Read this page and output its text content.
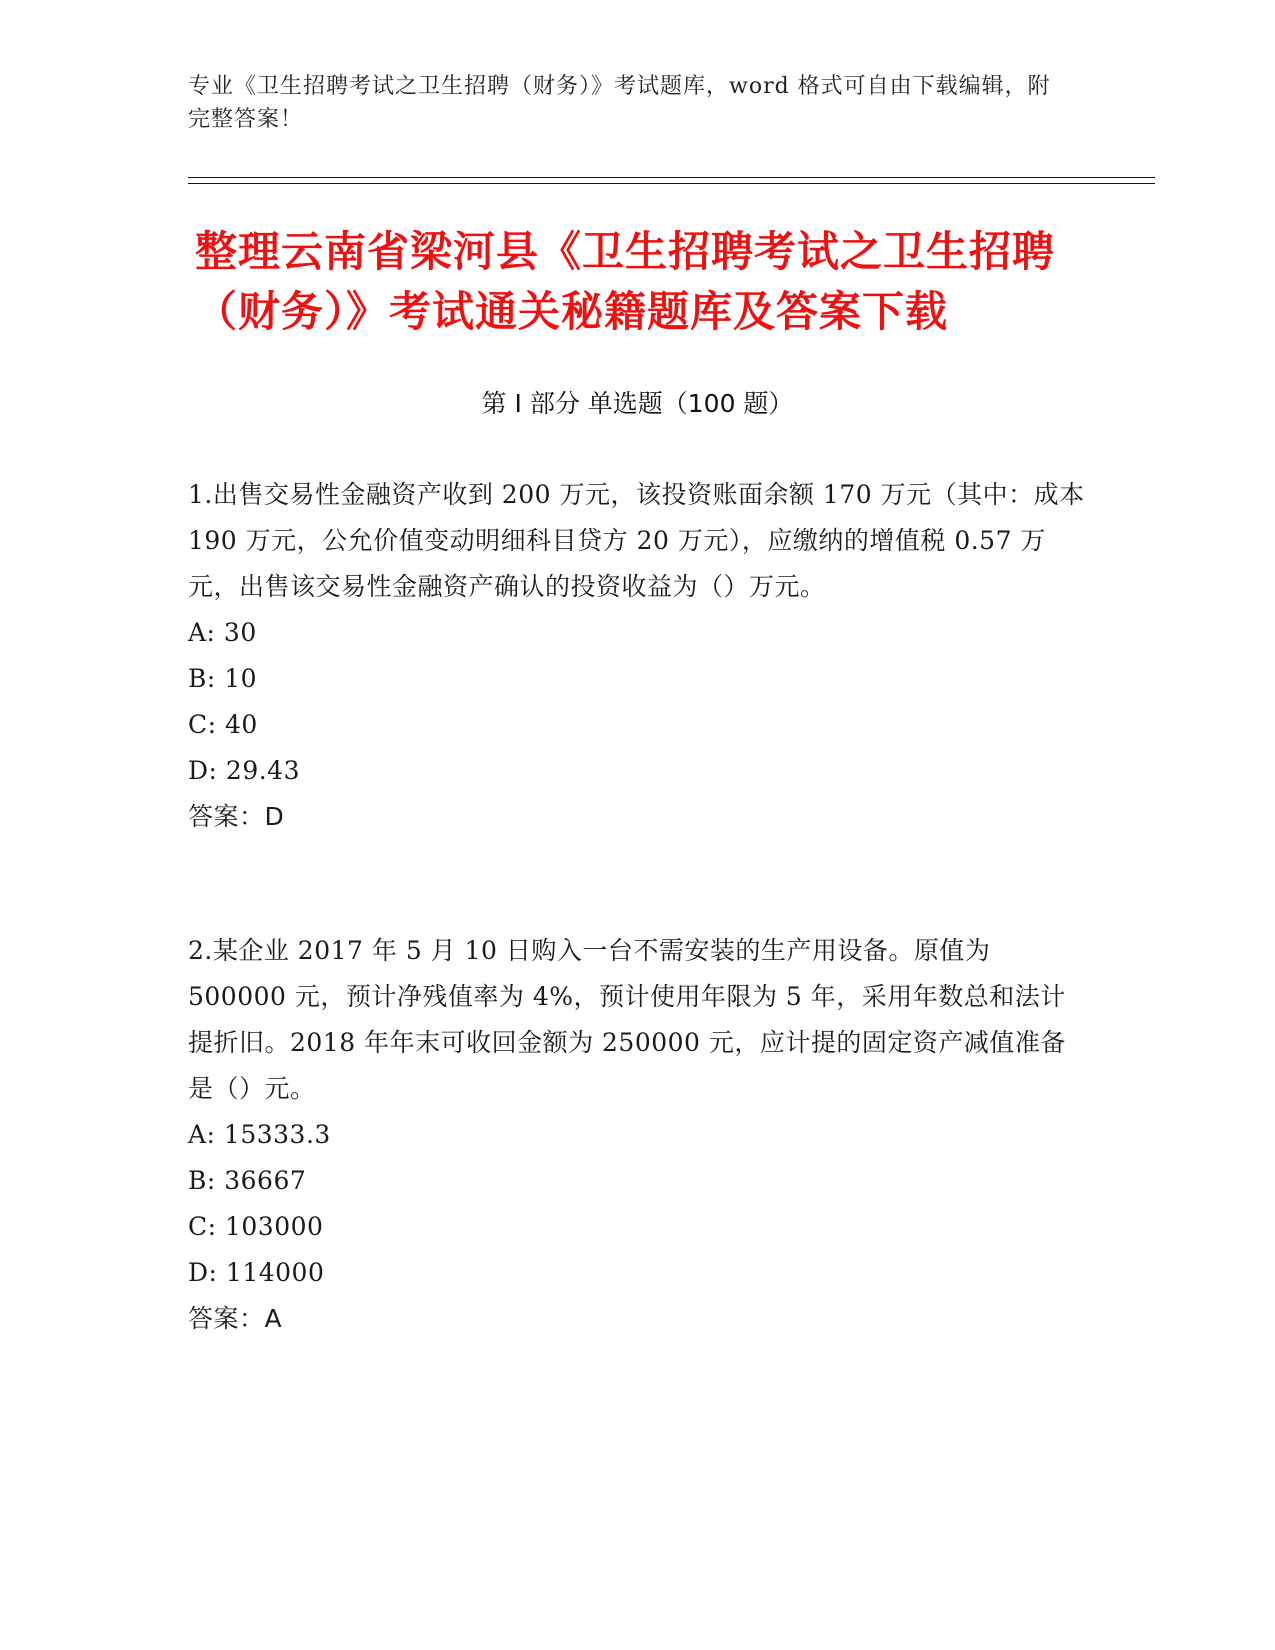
专业《卫生招聘考试之卫生招聘（财务）》考试题库，word 格式可自由下载编辑，附完整答案！
整理云南省梁河县《卫生招聘考试之卫生招聘（财务）》考试通关秘籍题库及答案下载
第 I 部分 单选题（100 题）

1.出售交易性金融资产收到 200 万元，该投资账面余额 170 万元（其中：成本 190 万元，公允价值变动明细科目贷方 20 万元），应缴纳的增值税 0.57 万元，出售该交易性金融资产确认的投资收益为（）万元。

A: 30

B: 10

C: 40

D: 29.43

答案：D

2.某企业 2017 年 5 月 10 日购入一台不需安装的生产用设备。原值为 500000 元，预计净残值率为 4%，预计使用年限为 5 年，采用年数总和法计提折旧。2018 年年末可收回金额为 250000 元，应计提的固定资产减值准备是（）元。

A: 15333.3

B: 36667

C: 103000

D: 114000

答案：A
